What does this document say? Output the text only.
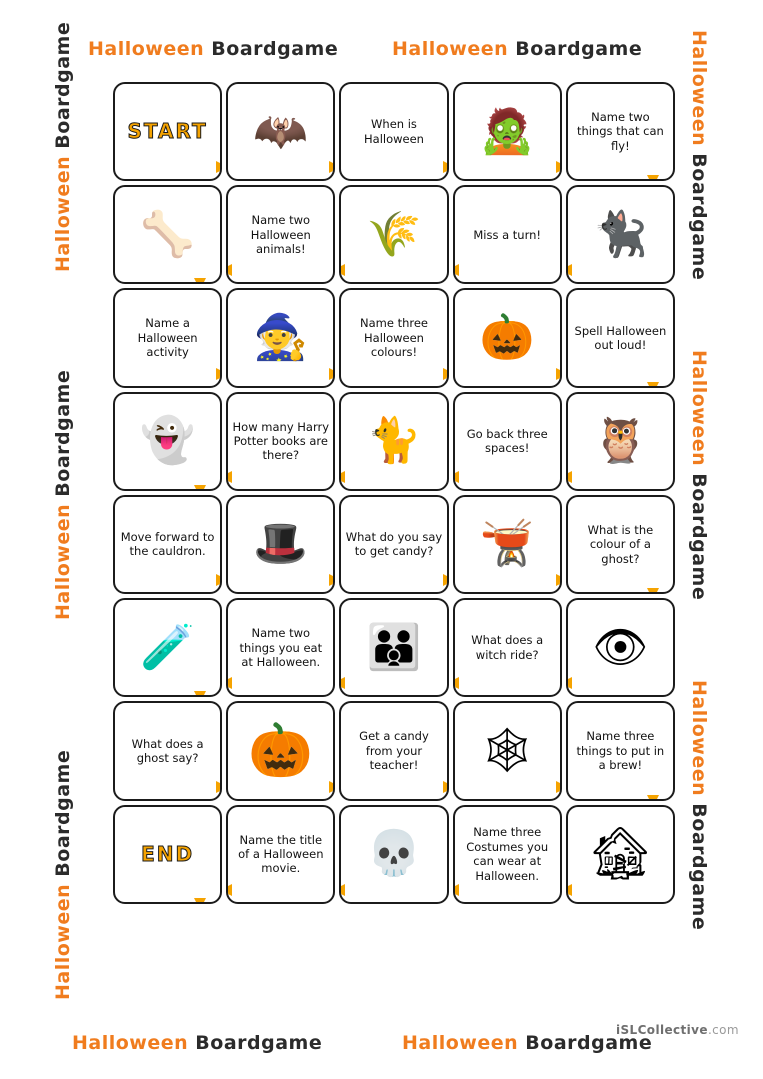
Halloween Boardgame	Halloween Boardgame
Halloween Boardgame	Halloween Boardgame
Halloween Boardgame
Halloween Boardgame
Halloween Boardgame
Halloween Boardgame
Halloween Boardgame
Halloween Boardgame
START 🦇	When is Halloween	🧟	Name two things that can fly!
🦴	Name two Halloween animals!	🌾	Miss a turn! 🐈‍⬛
Name a Halloween activity	🧙	Name three Halloween colours!	🎃	Spell Halloween out loud!
👻	How many Harry Potter books are there?	🐈	Go back three spaces!	🦉
Move forward to the cauldron.	🎩	What do you say to get candy?	🫕	What is the colour of a ghost?
🧪	Name two things you eat at Halloween. 👪	What does a witch ride?	👁
What does a ghost say? 🎃	Get a candy from your teacher!	🕸	Name three things to put in a brew!
END
Name the title of a Halloween movie.	💀	Name three Costumes you can wear at Halloween. 🏚
iSLCollective.com
